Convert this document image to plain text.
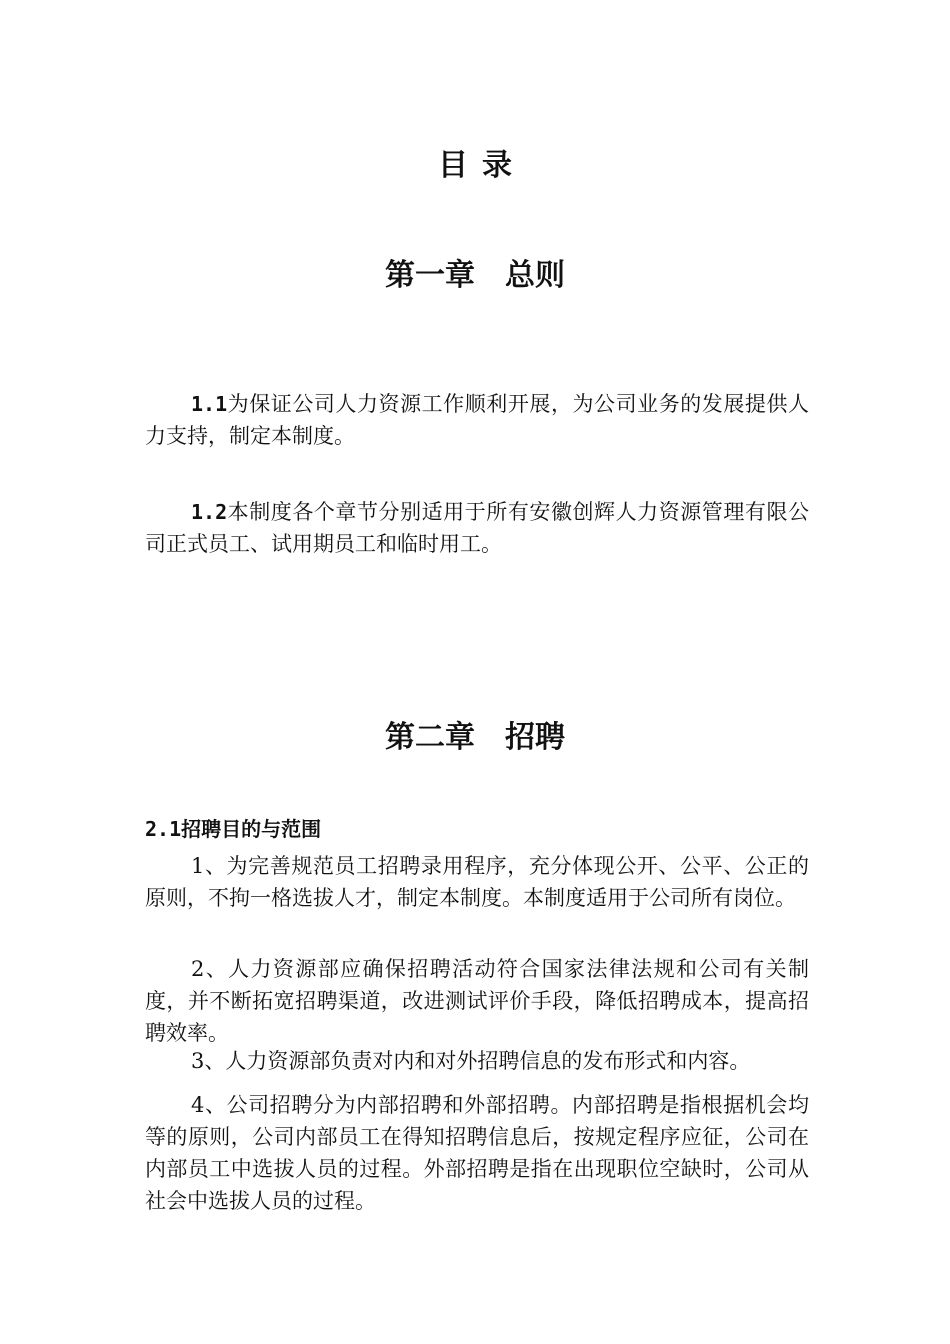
目录
第一章　总则
1.1为保证公司人力资源工作顺利开展，为公司业务的发展提供人力支持，制定本制度。
1.2本制度各个章节分别适用于所有安徽创辉人力资源管理有限公司正式员工、试用期员工和临时用工。
第二章　招聘
2.1招聘目的与范围
1、为完善规范员工招聘录用程序，充分体现公开、公平、公正的原则，不拘一格选拔人才，制定本制度。本制度适用于公司所有岗位。
2、人力资源部应确保招聘活动符合国家法律法规和公司有关制度，并不断拓宽招聘渠道，改进测试评价手段，降低招聘成本，提高招聘效率。
3、人力资源部负责对内和对外招聘信息的发布形式和内容。
4、公司招聘分为内部招聘和外部招聘。内部招聘是指根据机会均等的原则，公司内部员工在得知招聘信息后，按规定程序应征，公司在内部员工中选拔人员的过程。外部招聘是指在出现职位空缺时，公司从社会中选拔人员的过程。
